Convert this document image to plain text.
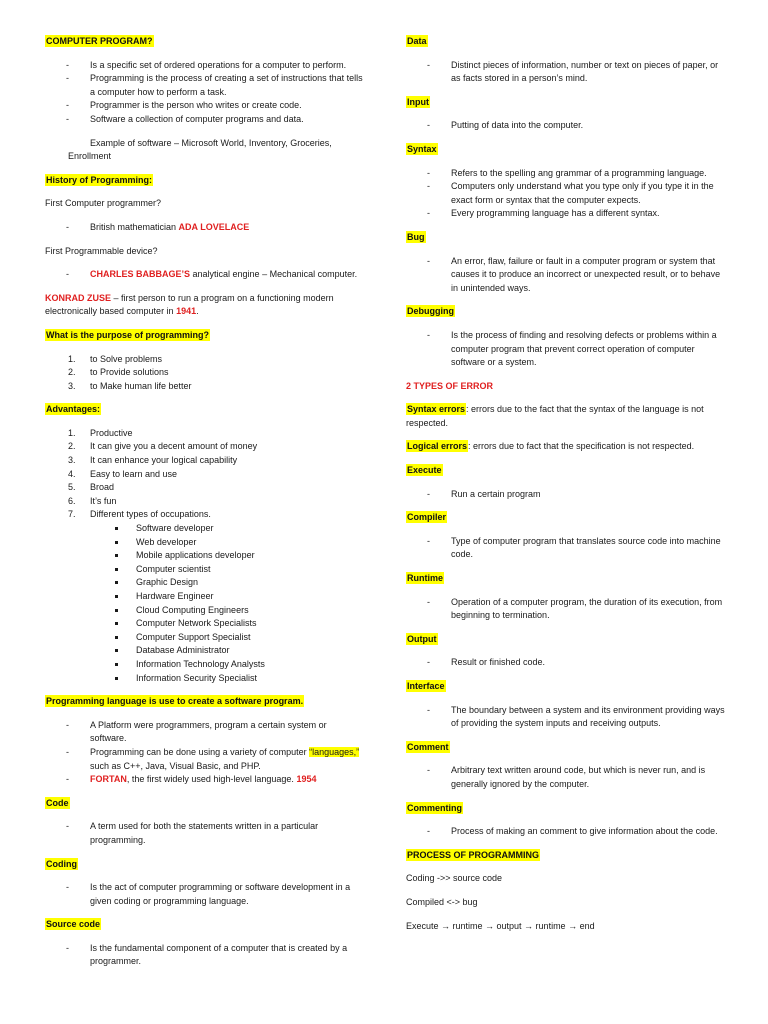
COMPUTER PROGRAM?
- Is a specific set of ordered operations for a computer to perform.
- Programming is the process of creating a set of instructions that tells a computer how to perform a task.
- Programmer is the person who writes or create code.
- Software a collection of computer programs and data.

Example of software – Microsoft World, Inventory, Groceries,

Enrollment

History of Programming:

First Computer programmer?

- British mathematician ADA LOVELACE

First Programmable device?

- CHARLES BABBAGE’S analytical engine – Mechanical computer.

KONRAD ZUSE – first person to run a program on a functioning modern electronically based computer in 1941.

What is the purpose of programming?
1. to Solve problems
2. to Provide solutions
3. to Make human life better
Advantages:
1. Productive
2. It can give you a decent amount of money
3. It can enhance your logical capability
4. Easy to learn and use
5. Broad
6. It’s fun
7. Different types of occupations.
Software developer
Web developer
Mobile applications developer
Computer scientist
Graphic Design
Hardware Engineer
Cloud Computing Engineers
Computer Network Specialists
Computer Support Specialist
Database Administrator
Information Technology Analysts
Information Security Specialist
Programming language is use to create a software program.
- A Platform were programmers, program a certain system or software.
- Programming can be done using a variety of computer “languages,” such as C++, Java, Visual Basic, and PHP.
- FORTAN, the first widely used high-level language. 1954
Code
- A term used for both the statements written in a particular programming.
Coding
- Is the act of computer programming or software development in a given coding or programming language.
Source code
- Is the fundamental component of a computer that is created by a programmer.
Data
- Distinct pieces of information, number or text on pieces of paper, or as facts stored in a person’s mind.
Input
- Putting of data into the computer.
Syntax
- Refers to the spelling ang grammar of a programming language.
- Computers only understand what you type only if you type it in the exact form or syntax that the computer expects.
- Every programming language has a different syntax.
Bug
- An error, flaw, failure or fault in a computer program or system that causes it to produce an incorrect or unexpected result, or to behave in unintended ways.
Debugging
- Is the process of finding and resolving defects or problems within a computer program that prevent correct operation of computer software or a system.
2 TYPES OF ERROR

Syntax errors: errors due to the fact that the syntax of the language is not respected.

Logical errors: errors due to fact that the specification is not respected.

Execute
- Run a certain program
Compiler
- Type of computer program that translates source code into machine code.
Runtime
- Operation of a computer program, the duration of its execution, from beginning to termination.
Output
- Result or finished code.
Interface
- The boundary between a system and its environment providing ways of providing the system inputs and receiving outputs.
Comment
- Arbitrary text written around code, but which is never run, and is generally ignored by the computer.
Commenting
- Process of making an comment to give information about the code.
PROCESS OF PROGRAMMING

Coding ->> source code

Compiled <-> bug

Execute → runtime → output → runtime → end
